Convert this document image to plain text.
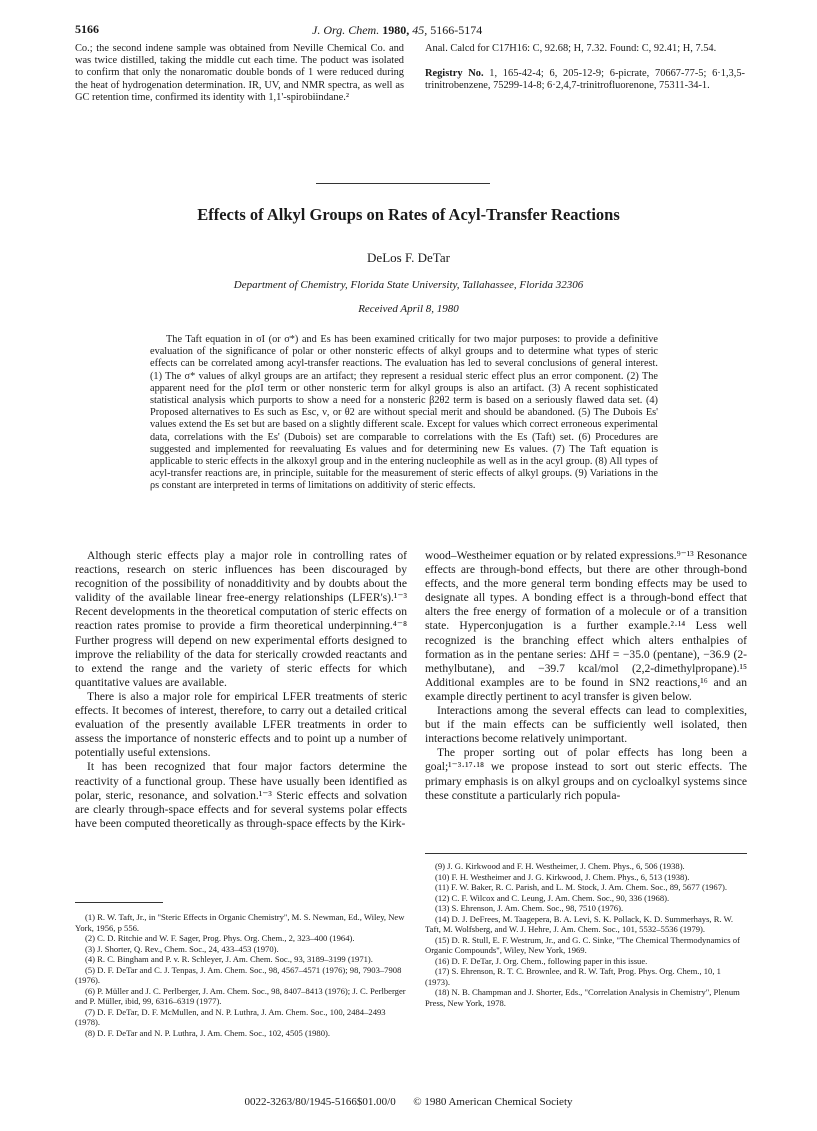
5166	J. Org. Chem. 1980, 45, 5166-5174
Co.; the second indene sample was obtained from Neville Chemical Co. and was twice distilled, taking the middle cut each time. The poduct was isolated to confirm that only the nonaromatic double bonds of 1 were reduced during the heat of hydrogenation determination. IR, UV, and NMR spectra, as well as GC retention time, confirmed its identity with 1,1'-spirobiindane.²
Anal. Calcd for C17H16: C, 92.68; H, 7.32. Found: C, 92.41; H, 7.54.
Registry No. 1, 165-42-4; 6, 205-12-9; 6-picrate, 70667-77-5; 6·1,3,5-trinitrobenzene, 75299-14-8; 6·2,4,7-trinitrofluorenone, 75311-34-1.
Effects of Alkyl Groups on Rates of Acyl-Transfer Reactions
DeLos F. DeTar
Department of Chemistry, Florida State University, Tallahassee, Florida 32306
Received April 8, 1980
The Taft equation in σI (or σ*) and Es has been examined critically for two major purposes: to provide a definitive evaluation of the significance of polar or other nonsteric effects of alkyl groups and to determine what types of steric effects can be correlated among acyl-transfer reactions. The evaluation has led to several conclusions of general interest. (1) The σ* values of alkyl groups are an artifact; they represent a residual steric effect plus an error component. (2) The apparent need for the ρIσI term or other nonsteric term for alkyl groups is also an artifact. (3) A recent sophisticated statistical analysis which purports to show a need for a nonsteric β2θ2 term is based on a seriously flawed data set. (4) Proposed alternatives to Es such as Esc, ν, or θ2 are without special merit and should be abandoned. (5) The Dubois Es' values extend the Es set but are based on a slightly different scale. Except for values which correct erroneous experimental data, correlations with the Es' (Dubois) set are comparable to correlations with the Es (Taft) set. (6) Procedures are suggested and implemented for reevaluating Es values and for determining new Es values. (7) The Taft equation is applicable to steric effects in the alkoxyl group and in the entering nucleophile as well as in the acyl group. (8) All types of acyl-transfer reactions are, in principle, suitable for the measurement of steric effects of alkyl groups. (9) Variations in the ρs constant are interpreted in terms of limitations on additivity of steric effects.

Although steric effects play a major role in controlling rates of reactions, research on steric influences has been discouraged by recognition of the possibility of nonadditivity and by doubts about the validity of the available linear free-energy relationships (LFER's).¹⁻³ Recent developments in the theoretical computation of steric effects on reaction rates promise to provide a firm theoretical underpinning.⁴⁻⁸ Further progress will depend on new experimental efforts designed to improve the reliability of the data for sterically crowded reactants and to extend the range and the variety of steric effects for which quantitative values are available.

There is also a major role for empirical LFER treatments of steric effects. It becomes of interest, therefore, to carry out a detailed critical evaluation of the presently available LFER treatments in order to assess the importance of nonsteric effects and to point up a number of potentially useful extensions.

It has been recognized that four major factors determine the reactivity of a functional group. These have usually been identified as polar, steric, resonance, and solvation.¹⁻³ Steric effects and solvation are clearly through-space effects and for several systems polar effects have been computed theoretically as through-space effects by the Kirk-

wood–Westheimer equation or by related expressions.⁹⁻¹³ Resonance effects are through-bond effects, but there are other through-bond effects, and the more general term bonding effects may be used to designate all types. A bonding effect is a through-bond effect that alters the free energy of formation of a molecule or of a transition state. Hyperconjugation is a further example.²·¹⁴ Less well recognized is the branching effect which alters enthalpies of formation as in the pentane series: ΔHf = −35.0 (pentane), −36.9 (2-methylbutane), and −39.7 kcal/mol (2,2-dimethylpropane).¹⁵ Additional examples are to be found in SN2 reactions,¹⁶ and an example directly pertinent to acyl transfer is given below.

Interactions among the several effects can lead to complexities, but if the main effects can be sufficiently well isolated, then interactions become relatively unimportant.

The proper sorting out of polar effects has long been a goal;¹⁻³·¹⁷·¹⁸ we propose instead to sort out steric effects. The primary emphasis is on alkyl groups and on cycloalkyl systems since these constitute a particularly rich popula-

(1) R. W. Taft, Jr., in "Steric Effects in Organic Chemistry", M. S. Newman, Ed., Wiley, New York, 1956, p 556.
(2) C. D. Ritchie and W. F. Sager, Prog. Phys. Org. Chem., 2, 323–400 (1964).
(3) J. Shorter, Q. Rev., Chem. Soc., 24, 433–453 (1970).
(4) R. C. Bingham and P. v. R. Schleyer, J. Am. Chem. Soc., 93, 3189–3199 (1971).
(5) D. F. DeTar and C. J. Tenpas, J. Am. Chem. Soc., 98, 4567–4571 (1976); 98, 7903–7908 (1976).
(6) P. Müller and J. C. Perlberger, J. Am. Chem. Soc., 98, 8407–8413 (1976); J. C. Perlberger and P. Müller, ibid, 99, 6316–6319 (1977).
(7) D. F. DeTar, D. F. McMullen, and N. P. Luthra, J. Am. Chem. Soc., 100, 2484–2493 (1978).
(8) D. F. DeTar and N. P. Luthra, J. Am. Chem. Soc., 102, 4505 (1980).
(9) J. G. Kirkwood and F. H. Westheimer, J. Chem. Phys., 6, 506 (1938).
(10) F. H. Westheimer and J. G. Kirkwood, J. Chem. Phys., 6, 513 (1938).
(11) F. W. Baker, R. C. Parish, and L. M. Stock, J. Am. Chem. Soc., 89, 5677 (1967).
(12) C. F. Wilcox and C. Leung, J. Am. Chem. Soc., 90, 336 (1968).
(13) S. Ehrenson, J. Am. Chem. Soc., 98, 7510 (1976).
(14) D. J. DeFrees, M. Taagepera, B. A. Levi, S. K. Pollack, K. D. Summerhays, R. W. Taft, M. Wolfsberg, and W. J. Hehre, J. Am. Chem. Soc., 101, 5532–5536 (1979).
(15) D. R. Stull, E. F. Westrum, Jr., and G. C. Sinke, "The Chemical Thermodynamics of Organic Compounds", Wiley, New York, 1969.
(16) D. F. DeTar, J. Org. Chem., following paper in this issue.
(17) S. Ehrenson, R. T. C. Brownlee, and R. W. Taft, Prog. Phys. Org. Chem., 10, 1 (1973).
(18) N. B. Champman and J. Shorter, Eds., "Correlation Analysis in Chemistry", Plenum Press, New York, 1978.
0022-3263/80/1945-5166$01.00/0 © 1980 American Chemical Society
